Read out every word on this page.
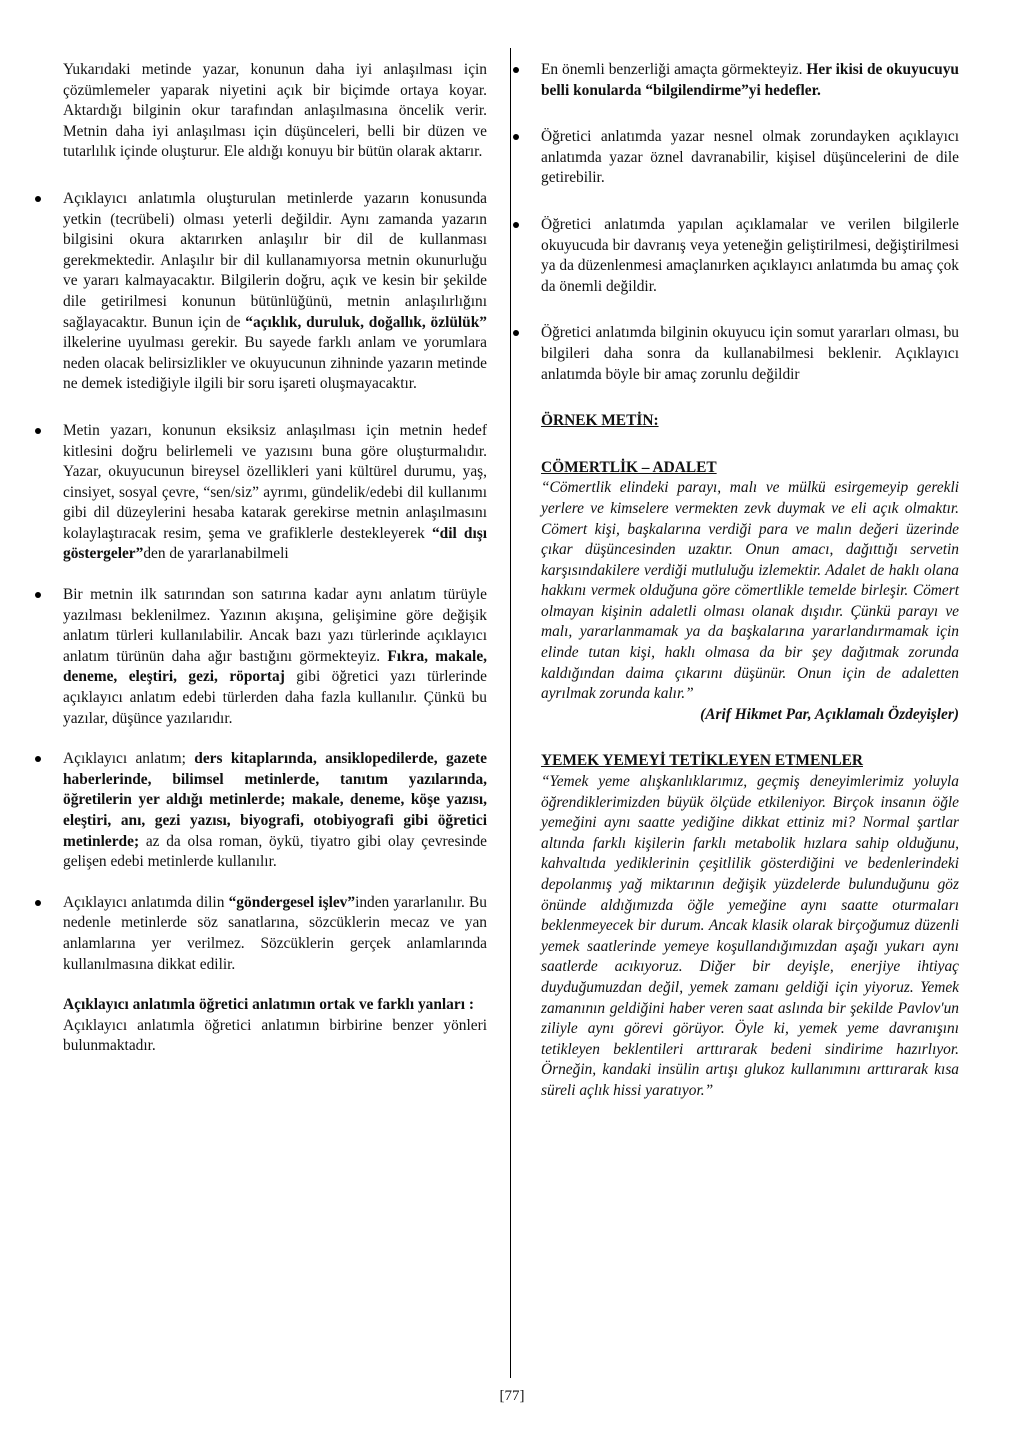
Yukarıdaki metinde yazar, konunun daha iyi anlaşılması için çözümlemeler yaparak niyetini açık bir biçimde ortaya koyar. Aktardığı bilginin okur tarafından anlaşılmasına öncelik verir. Metnin daha iyi anlaşılması için düşünceleri, belli bir düzen ve tutarlılık içinde oluşturur. Ele aldığı konuyu bir bütün olarak aktarır.

Açıklayıcı anlatımla oluşturulan metinlerde yazarın konusunda yetkin (tecrübeli) olması yeterli değildir. Aynı zamanda yazarın bilgisini okura aktarırken anlaşılır bir dil de kullanması gerekmektedir. Anlaşılır bir dil kullanamıyorsa metnin okunurluğu ve yararı kalmayacaktır. Bilgilerin doğru, açık ve kesin bir şekilde dile getirilmesi konunun bütünlüğünü, metnin anlaşılırlığını sağlayacaktır. Bunun için de “açıklık, duruluk, doğallık, özlülük” ilkelerine uyulması gerekir. Bu sayede farklı anlam ve yorumlara neden olacak belirsizlikler ve okuyucunun zihninde yazarın metinde ne demek istediğiyle ilgili bir soru işareti oluşmayacaktır.

Metin yazarı, konunun eksiksiz anlaşılması için metnin hedef kitlesini doğru belirlemeli ve yazısını buna göre oluşturmalıdır. Yazar, okuyucunun bireysel özellikleri yani kültürel durumu, yaş, cinsiyet, sosyal çevre, “sen/siz” ayrımı, gündelik/edebi dil kullanımı gibi dil düzeylerini hesaba katarak gerekirse metnin anlaşılmasını kolaylaştıracak resim, şema ve grafiklerle destekleyerek “dil dışı göstergeler”den de yararlanabilmeli

Bir metnin ilk satırından son satırına kadar aynı anlatım türüyle yazılması beklenilmez. Yazının akışına, gelişimine göre değişik anlatım türleri kullanılabilir. Ancak bazı yazı türlerinde açıklayıcı anlatım türünün daha ağır bastığını görmekteyiz. Fıkra, makale, deneme, eleştiri, gezi, röportaj gibi öğretici yazı türlerinde açıklayıcı anlatım edebi türlerden daha fazla kullanılır. Çünkü bu yazılar, düşünce yazılarıdır.

Açıklayıcı anlatım; ders kitaplarında, ansiklopedilerde, gazete haberlerinde, bilimsel metinlerde, tanıtım yazılarında, öğretilerin yer aldığı metinlerde; makale, deneme, köşe yazısı, eleştiri, anı, gezi yazısı, biyografi, otobiyografi gibi öğretici metinlerde; az da olsa roman, öykü, tiyatro gibi olay çevresinde gelişen edebi metinlerde kullanılır.

Açıklayıcı anlatımda dilin “göndergesel işlev”inden yararlanılır. Bu nedenle metinlerde söz sanatlarına, sözcüklerin mecaz ve yan anlamlarına yer verilmez. Sözcüklerin gerçek anlamlarında kullanılmasına dikkat edilir.

Açıklayıcı anlatımla öğretici anlatımın ortak ve farklı yanları :

Açıklayıcı anlatımla öğretici anlatımın birbirine benzer yönleri bulunmaktadır.

En önemli benzerliği amaçta görmekteyiz. Her ikisi de okuyucuyu belli konularda “bilgilendirme”yi hedefler.

Öğretici anlatımda yazar nesnel olmak zorundayken açıklayıcı anlatımda yazar öznel davranabilir, kişisel düşüncelerini de dile getirebilir.

Öğretici anlatımda yapılan açıklamalar ve verilen bilgilerle okuyucuda bir davranış veya yeteneğin geliştirilmesi, değiştirilmesi ya da düzenlenmesi amaçlanırken açıklayıcı anlatımda bu amaç çok da önemli değildir.

Öğretici anlatımda bilginin okuyucu için somut yararları olması, bu bilgileri daha sonra da kullanabilmesi beklenir. Açıklayıcı anlatımda böyle bir amaç zorunlu değildir

ÖRNEK METİN:

CÖMERTLİK – ADALET

“Cömertlik elindeki parayı, malı ve mülkü esirgemeyip gerekli yerlere ve kimselere vermekten zevk duymak ve eli açık olmaktır. Cömert kişi, başkalarına verdiği para ve malın değeri üzerinde çıkar düşüncesinden uzaktır. Onun amacı, dağıttığı servetin karşısındakilere verdiği mutluluğu izlemektir. Adalet de haklı olana hakkını vermek olduğuna göre cömertlikle temelde birleşir. Cömert olmayan kişinin adaletli olması olanak dışıdır. Çünkü parayı ve malı, yararlanmamak ya da başkalarına yararlandırmamak için elinde tutan kişi, haklı olmasa da bir şey dağıtmak zorunda kaldığından daima çıkarını düşünür. Onun için de adaletten ayrılmak zorunda kalır.”

(Arif Hikmet Par, Açıklamalı Özdeyişler)

YEMEK YEMEYİ TETİKLEYEN ETMENLER

“Yemek yeme alışkanlıklarımız, geçmiş deneyimlerimiz yoluyla öğrendiklerimizden büyük ölçüde etkileniyor. Birçok insanın öğle yemeğini aynı saatte yediğine dikkat ettiniz mi? Normal şartlar altında farklı kişilerin farklı metabolik hızlara sahip olduğunu, kahvaltıda yediklerinin çeşitlilik gösterdiğini ve bedenlerindeki depolanmış yağ miktarının değişik yüzdelerde bulunduğunu göz önünde aldığımızda öğle yemeğine aynı saatte oturmaları beklenmeyecek bir durum. Ancak klasik olarak birçoğumuz düzenli yemek saatlerinde yemeye koşullandığımızdan aşağı yukarı aynı saatlerde acıkıyoruz. Diğer bir deyişle, enerjiye ihtiyaç duyduğumuzdan değil, yemek zamanı geldiği için yiyoruz. Yemek zamanının geldiğini haber veren saat aslında bir şekilde Pavlov'un ziliyle aynı görevi görüyor. Öyle ki, yemek yeme davranışını tetikleyen beklentileri arttırarak bedeni sindirime hazırlıyor. Örneğin, kandaki insülin artışı glukoz kullanımını arttırarak kısa süreli açlık hissi yaratıyor.”

[77]
